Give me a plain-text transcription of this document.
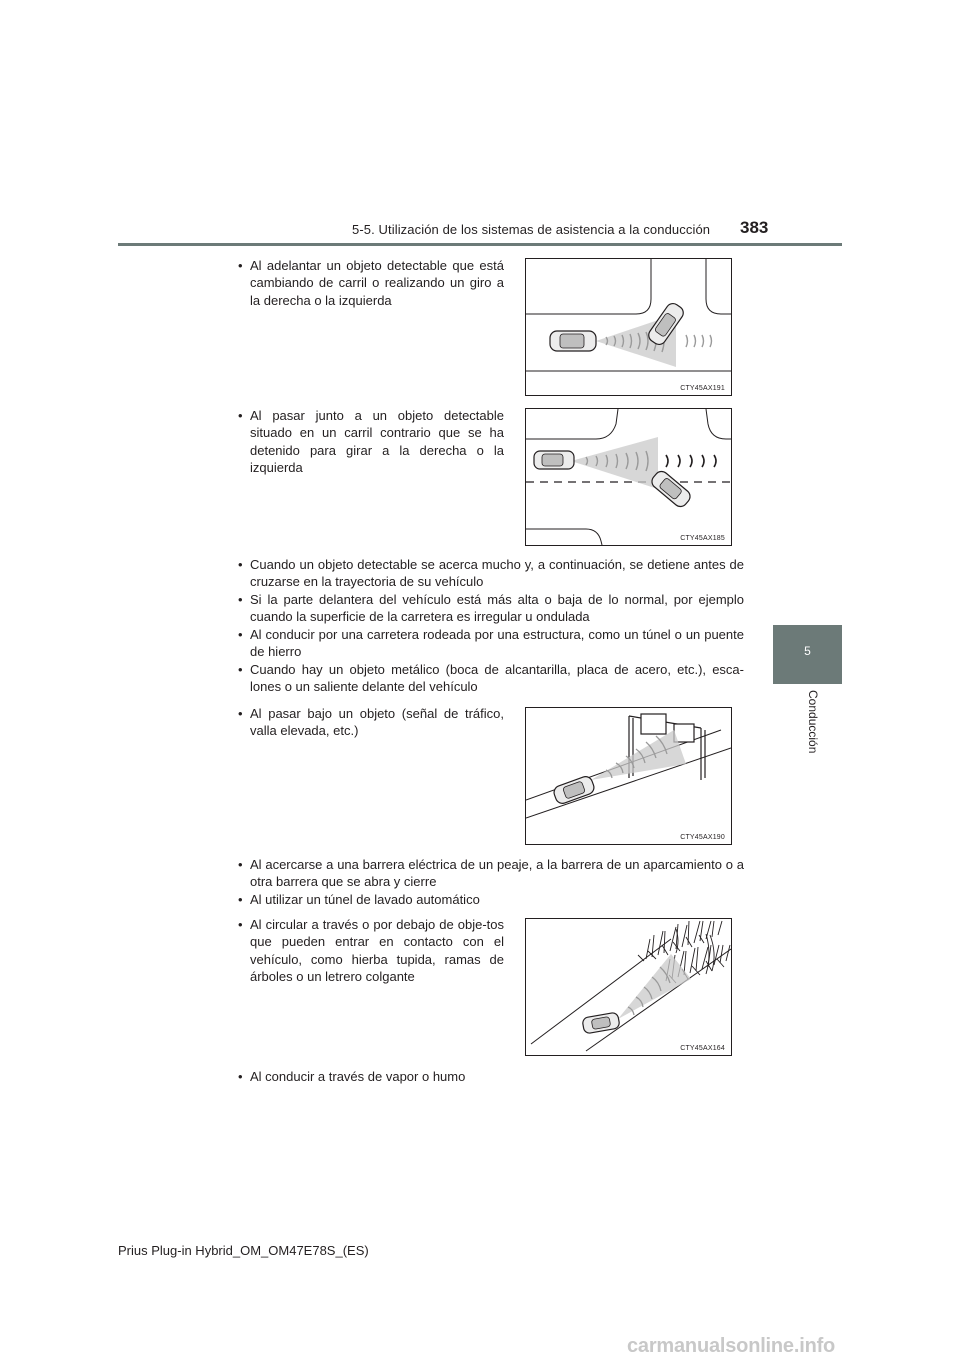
5-5. Utilización de los sistemas de asistencia a la conducción 383
5
Conducción
• Al adelantar un objeto detectable que está cambiando de carril o realizando un giro a la derecha o la izquierda
CTY45AX191
• Al pasar junto a un objeto detectable situado en un carril contrario que se ha detenido para girar a la derecha o la izquierda
CTY45AX185
• Cuando un objeto detectable se acerca mucho y, a continuación, se detiene antes de cruzarse en la trayectoria de su vehículo
• Si la parte delantera del vehículo está más alta o baja de lo normal, por ejemplo cuando la superficie de la carretera es irregular u ondulada
• Al conducir por una carretera rodeada por una estructura, como un túnel o un puente de hierro
• Cuando hay un objeto metálico (boca de alcantarilla, placa de acero, etc.), esca-lones o un saliente delante del vehículo
• Al pasar bajo un objeto (señal de tráfico, valla elevada, etc.)
CTY45AX190
• Al acercarse a una barrera eléctrica de un peaje, a la barrera de un aparcamiento o a otra barrera que se abra y cierre
• Al utilizar un túnel de lavado automático
• Al circular a través o por debajo de obje-tos que pueden entrar en contacto con el vehículo, como hierba tupida, ramas de árboles o un letrero colgante
CTY45AX164
• Al conducir a través de vapor o humo
Prius Plug-in Hybrid_OM_OM47E78S_(ES)
carmanualsonline.info
